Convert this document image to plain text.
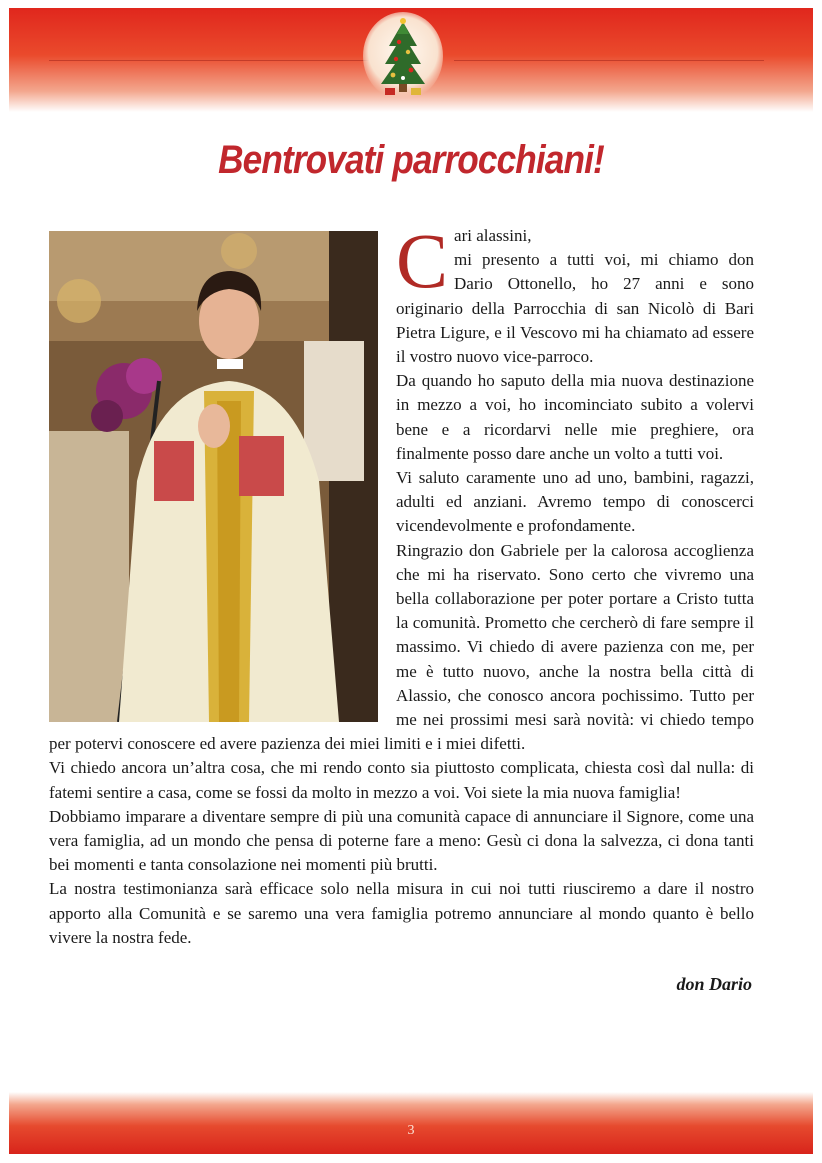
Bentrovati parrocchiani!
C ari alassini,

mi presento a tutti voi, mi chiamo don Dario Ottonello, ho 27 anni e sono originario della Parrocchia di san Nicolò di Bari Pietra Ligure, e il Vescovo mi ha chiamato ad essere il vostro nuovo vice-parroco.

Da quando ho saputo della mia nuova destinazione in mezzo a voi, ho incominciato subito a volervi bene e a ricordarvi nelle mie preghiere, ora finalmente posso dare anche un volto a tutti voi.

Vi saluto caramente uno ad uno, bambini, ragazzi, adulti ed anziani. Avremo tempo di conoscerci vicendevolmente e profondamente.

Ringrazio don Gabriele per la calorosa accoglienza che mi ha riservato. Sono certo che vivremo una bella collaborazione per poter portare a Cristo tutta la comunità. Prometto che cercherò di fare sempre il massimo. Vi chiedo di avere pazienza con me, per me è tutto nuovo, anche la nostra bella città di Alassio, che conosco ancora pochissimo. Tutto per me nei prossimi mesi sarà novità: vi chiedo tempo per potervi conoscere ed avere pazienza dei miei limiti e i miei difetti.

Vi chiedo ancora un’altra cosa, che mi rendo conto sia piuttosto complicata, chiesta così dal nulla: di fatemi sentire a casa, come se fossi da molto in mezzo a voi. Voi siete la mia nuova famiglia!

Dobbiamo imparare a diventare sempre di più una comunità capace di annunciare il Signore, come una vera famiglia, ad un mondo che pensa di poterne fare a meno: Gesù ci dona la salvezza, ci dona tanti bei momenti e tanta consolazione nei momenti più brutti.

La nostra testimonianza sarà efficace solo nella misura in cui noi tutti riusciremo a dare il nostro apporto alla Comunità e se saremo una vera famiglia potremo annunciare al mondo quanto è bello vivere la nostra fede.

don Dario
3
